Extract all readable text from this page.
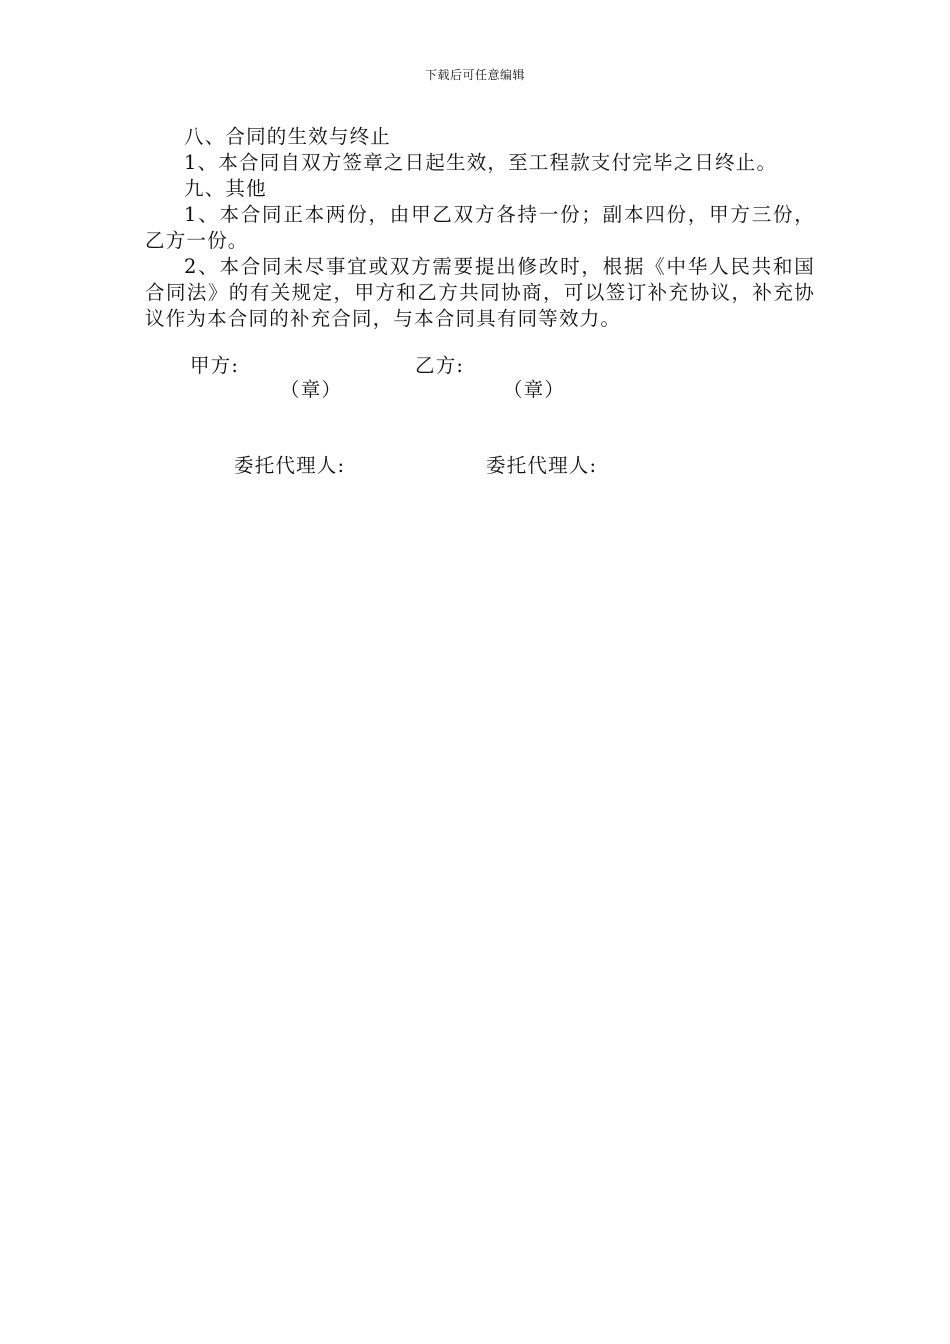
下载后可任意编辑

八、合同的生效与终止

1、本合同自双方签章之日起生效，至工程款支付完毕之日终止。

九、其他

1、本合同正本两份，由甲乙双方各持一份；副本四份，甲方三份，乙方一份。

2、本合同未尽事宜或双方需要提出修改时，根据《中华人民共和国合同法》的有关规定，甲方和乙方共同协商，可以签订补充协议，补充协议作为本合同的补充合同，与本合同具有同等效力。

甲方:	乙方:
（章）	（章）
委托代理人:	委托代理人:
